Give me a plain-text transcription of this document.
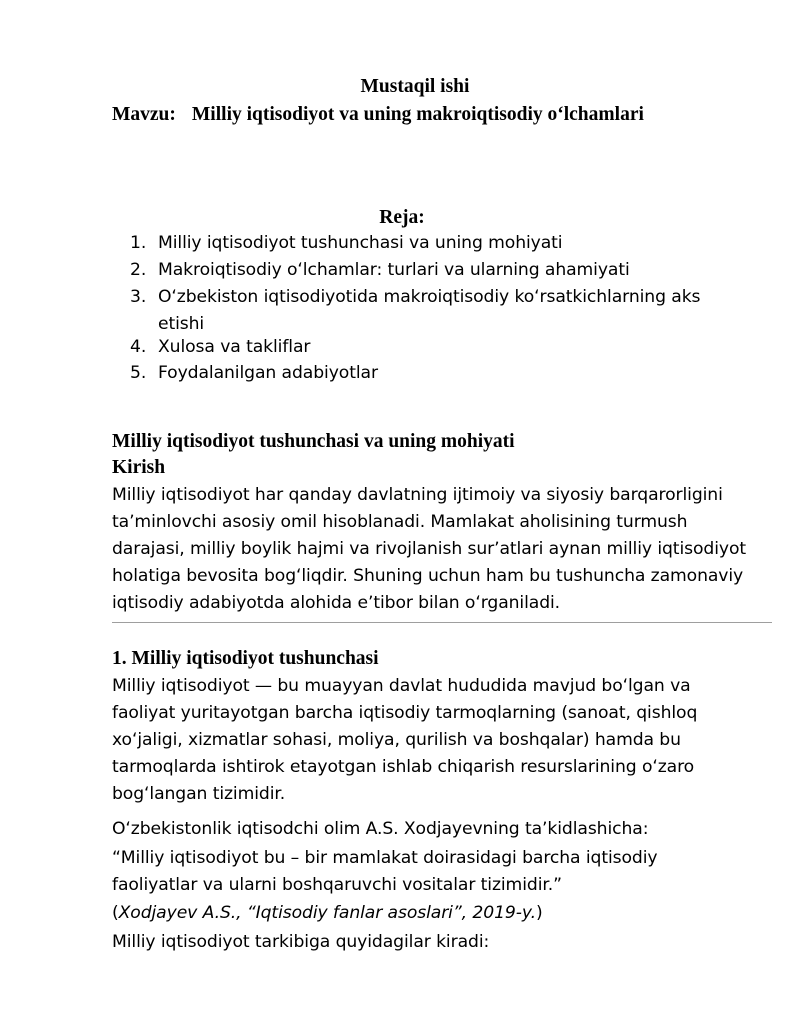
Mustaqil ishi
Mavzu: Milliy iqtisodiyot va uning makroiqtisodiy oʻlchamlari
Reja:
1. Milliy iqtisodiyot tushunchasi va uning mohiyati
2. Makroiqtisodiy oʻlchamlar: turlari va ularning ahamiyati
3. Oʻzbekiston iqtisodiyotida makroiqtisodiy koʻrsatkichlarning aks
etishi
4. Xulosa va takliflar
5. Foydalanilgan adabiyotlar
Milliy iqtisodiyot tushunchasi va uning mohiyati
Kirish
Milliy iqtisodiyot har qanday davlatning ijtimoiy va siyosiy barqarorligini
taʼminlovchi asosiy omil hisoblanadi. Mamlakat aholisining turmush
darajasi, milliy boylik hajmi va rivojlanish surʼatlari aynan milliy iqtisodiyot
holatiga bevosita bogʻliqdir. Shuning uchun ham bu tushuncha zamonaviy
iqtisodiy adabiyotda alohida eʼtibor bilan oʻrganiladi.
1. Milliy iqtisodiyot tushunchasi
Milliy iqtisodiyot — bu muayyan davlat hududida mavjud boʻlgan va
faoliyat yuritayotgan barcha iqtisodiy tarmoqlarning (sanoat, qishloq
xoʻjaligi, xizmatlar sohasi, moliya, qurilish va boshqalar) hamda bu
tarmoqlarda ishtirok etayotgan ishlab chiqarish resurslarining oʻzaro
bogʻlangan tizimidir.
Oʻzbekistonlik iqtisodchi olim A.S. Xodjayevning taʼkidlashicha:
“Milliy iqtisodiyot bu – bir mamlakat doirasidagi barcha iqtisodiy
faoliyatlar va ularni boshqaruvchi vositalar tizimidir.”
(Xodjayev A.S., “Iqtisodiy fanlar asoslari”, 2019-y.)
Milliy iqtisodiyot tarkibiga quyidagilar kiradi:
